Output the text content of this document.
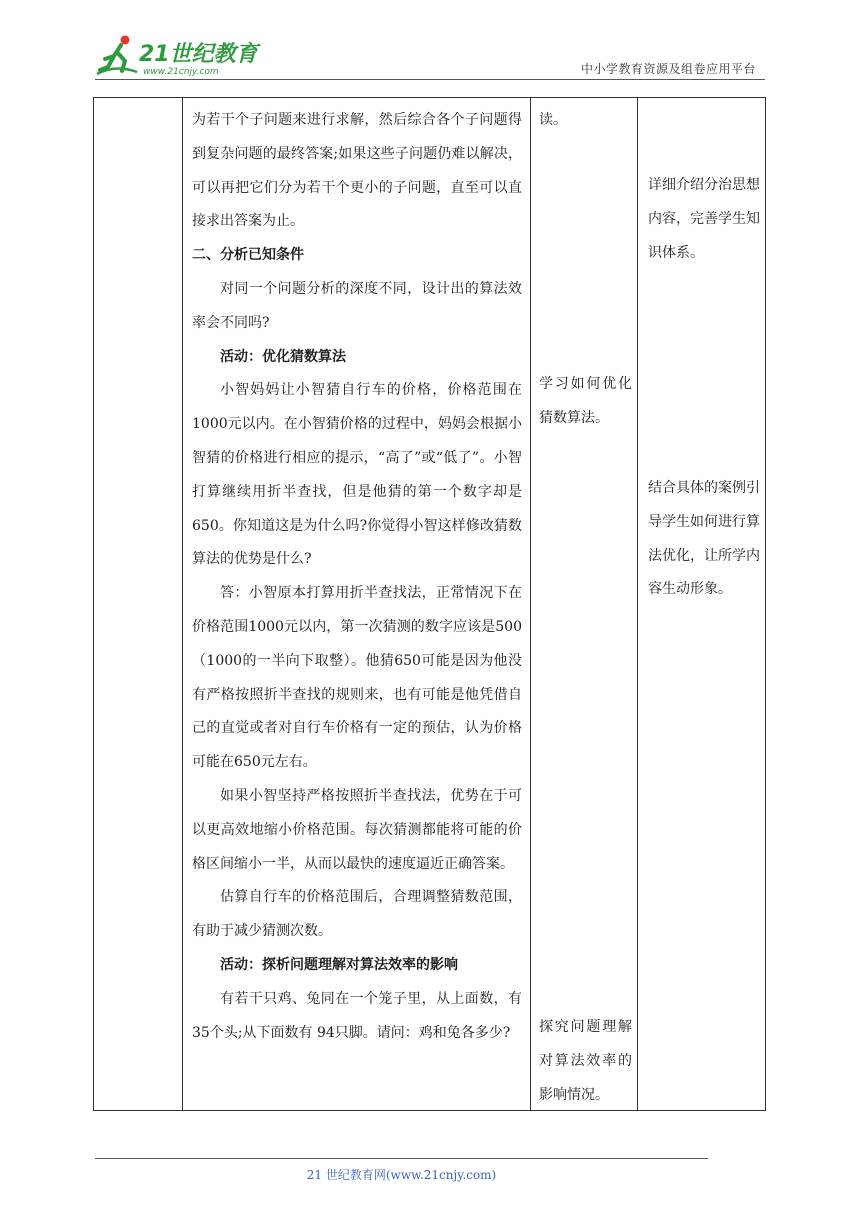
21世纪教育
www.21cnjy.com	中小学教育资源及组卷应用平台

为若干个子问题来进行求解，然后综合各个子问题得到复杂问题的最终答案;如果这些子问题仍难以解决，可以再把它们分为若干个更小的子问题，直至可以直接求出答案为止。

二、分析已知条件

对同一个问题分析的深度不同，设计出的算法效率会不同吗?

活动：优化猜数算法

小智妈妈让小智猜自行车的价格，价格范围在1000元以内。在小智猜价格的过程中，妈妈会根据小智猜的价格进行相应的提示，“高了”或“低了”。小智打算继续用折半查找，但是他猜的第一个数字却是650。你知道这是为什么吗?你觉得小智这样修改猜数算法的优势是什么?

答：小智原本打算用折半查找法，正常情况下在价格范围1000元以内，第一次猜测的数字应该是500（1000的一半向下取整）。他猜650可能是因为他没有严格按照折半查找的规则来，也有可能是他凭借自己的直觉或者对自行车价格有一定的预估，认为价格可能在650元左右。

如果小智坚持严格按照折半查找法，优势在于可以更高效地缩小价格范围。每次猜测都能将可能的价格区间缩小一半，从而以最快的速度逼近正确答案。

估算自行车的价格范围后，合理调整猜数范围，有助于减少猜测次数。

活动：探析问题理解对算法效率的影响

有若干只鸡、兔同在一个笼子里，从上面数，有35个头;从下面数有 94只脚。请问：鸡和兔各多少?

读。

学习如何优化猜数算法。

探究问题理解对算法效率的影响情况。

详细介绍分治思想内容，完善学生知识体系。

结合具体的案例引导学生如何进行算法优化，让所学内容生动形象。

21 世纪教育网(www.21cnjy.com)
